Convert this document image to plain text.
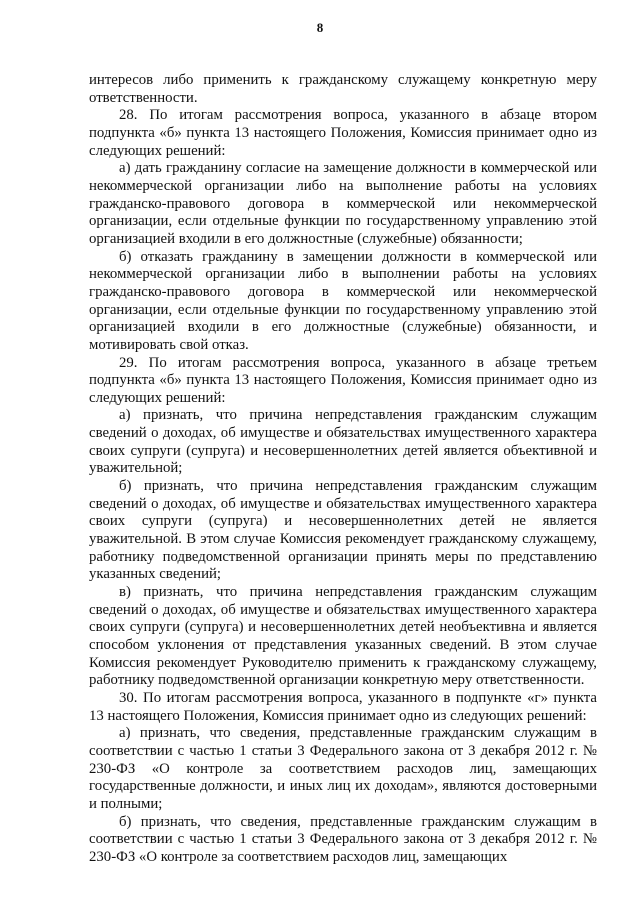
8

интересов либо применить к гражданскому служащему конкретную меру ответственности.

28. По итогам рассмотрения вопроса, указанного в абзаце втором подпункта «б» пункта 13 настоящего Положения, Комиссия принимает одно из следующих решений:

а) дать гражданину согласие на замещение должности в коммерческой или некоммерческой организации либо на выполнение работы на условиях гражданско-правового договора в коммерческой или некоммерческой организации, если отдельные функции по государственному управлению этой организацией входили в его должностные (служебные) обязанности;

б) отказать гражданину в замещении должности в коммерческой или некоммерческой организации либо в выполнении работы на условиях гражданско-правового договора в коммерческой или некоммерческой организации, если отдельные функции по государственному управлению этой организацией входили в его должностные (служебные) обязанности, и мотивировать свой отказ.

29. По итогам рассмотрения вопроса, указанного в абзаце третьем подпункта «б» пункта 13 настоящего Положения, Комиссия принимает одно из следующих решений:

а) признать, что причина непредставления гражданским служащим сведений о доходах, об имуществе и обязательствах имущественного характера своих супруги (супруга) и несовершеннолетних детей является объективной и уважительной;

б) признать, что причина непредставления гражданским служащим сведений о доходах, об имуществе и обязательствах имущественного характера своих супруги (супруга) и несовершеннолетних детей не является уважительной. В этом случае Комиссия рекомендует гражданскому служащему, работнику подведомственной организации принять меры по представлению указанных сведений;

в) признать, что причина непредставления гражданским служащим сведений о доходах, об имуществе и обязательствах имущественного характера своих супруги (супруга) и несовершеннолетних детей необъективна и является способом уклонения от представления указанных сведений. В этом случае Комиссия рекомендует Руководителю применить к гражданскому служащему, работнику подведомственной организации конкретную меру ответственности.

30. По итогам рассмотрения вопроса, указанного в подпункте «г» пункта 13 настоящего Положения, Комиссия принимает одно из следующих решений:

а) признать, что сведения, представленные гражданским служащим в соответствии с частью 1 статьи 3 Федерального закона от 3 декабря 2012 г. № 230-ФЗ «О контроле за соответствием расходов лиц, замещающих государственные должности, и иных лиц их доходам», являются достоверными и полными;

б) признать, что сведения, представленные гражданским служащим в соответствии с частью 1 статьи 3 Федерального закона от 3 декабря 2012 г. № 230-ФЗ «О контроле за соответствием расходов лиц, замещающих
